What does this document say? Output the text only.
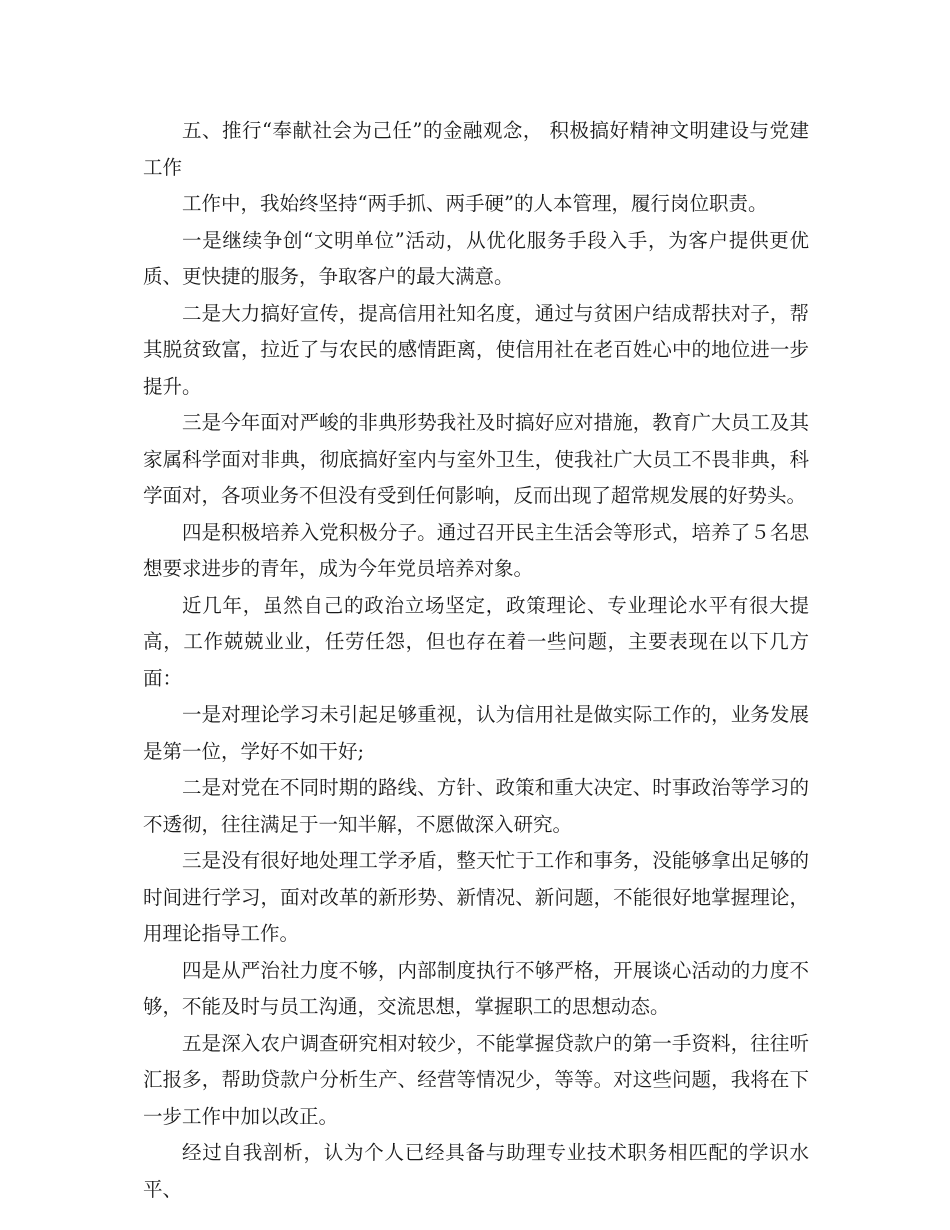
五、推行“奉献社会为己任”的金融观念， 积极搞好精神文明建设与党建工作

工作中，我始终坚持“两手抓、两手硬”的人本管理，履行岗位职责。

一是继续争创“文明单位”活动，从优化服务手段入手，为客户提供更优质、更快捷的服务，争取客户的最大满意。

二是大力搞好宣传，提高信用社知名度，通过与贫困户结成帮扶对子，帮其脱贫致富，拉近了与农民的感情距离，使信用社在老百姓心中的地位进一步提升。

三是今年面对严峻的非典形势我社及时搞好应对措施，教育广大员工及其家属科学面对非典，彻底搞好室内与室外卫生，使我社广大员工不畏非典，科学面对，各项业务不但没有受到任何影响，反而出现了超常规发展的好势头。

四是积极培养入党积极分子。通过召开民主生活会等形式，培养了５名思想要求进步的青年，成为今年党员培养对象。

近几年，虽然自己的政治立场坚定，政策理论、专业理论水平有很大提高，工作兢兢业业，任劳任怨，但也存在着一些问题，主要表现在以下几方面：

一是对理论学习未引起足够重视，认为信用社是做实际工作的，业务发展是第一位，学好不如干好;

二是对党在不同时期的路线、方针、政策和重大决定、时事政治等学习的不透彻，往往满足于一知半解，不愿做深入研究。

三是没有很好地处理工学矛盾，整天忙于工作和事务，没能够拿出足够的时间进行学习，面对改革的新形势、新情况、新问题，不能很好地掌握理论，用理论指导工作。

四是从严治社力度不够，内部制度执行不够严格，开展谈心活动的力度不够，不能及时与员工沟通，交流思想，掌握职工的思想动态。

五是深入农户调查研究相对较少，不能掌握贷款户的第一手资料，往往听汇报多，帮助贷款户分析生产、经营等情况少，等等。对这些问题，我将在下一步工作中加以改正。

经过自我剖析，认为个人已经具备与助理专业技术职务相匹配的学识水平、
